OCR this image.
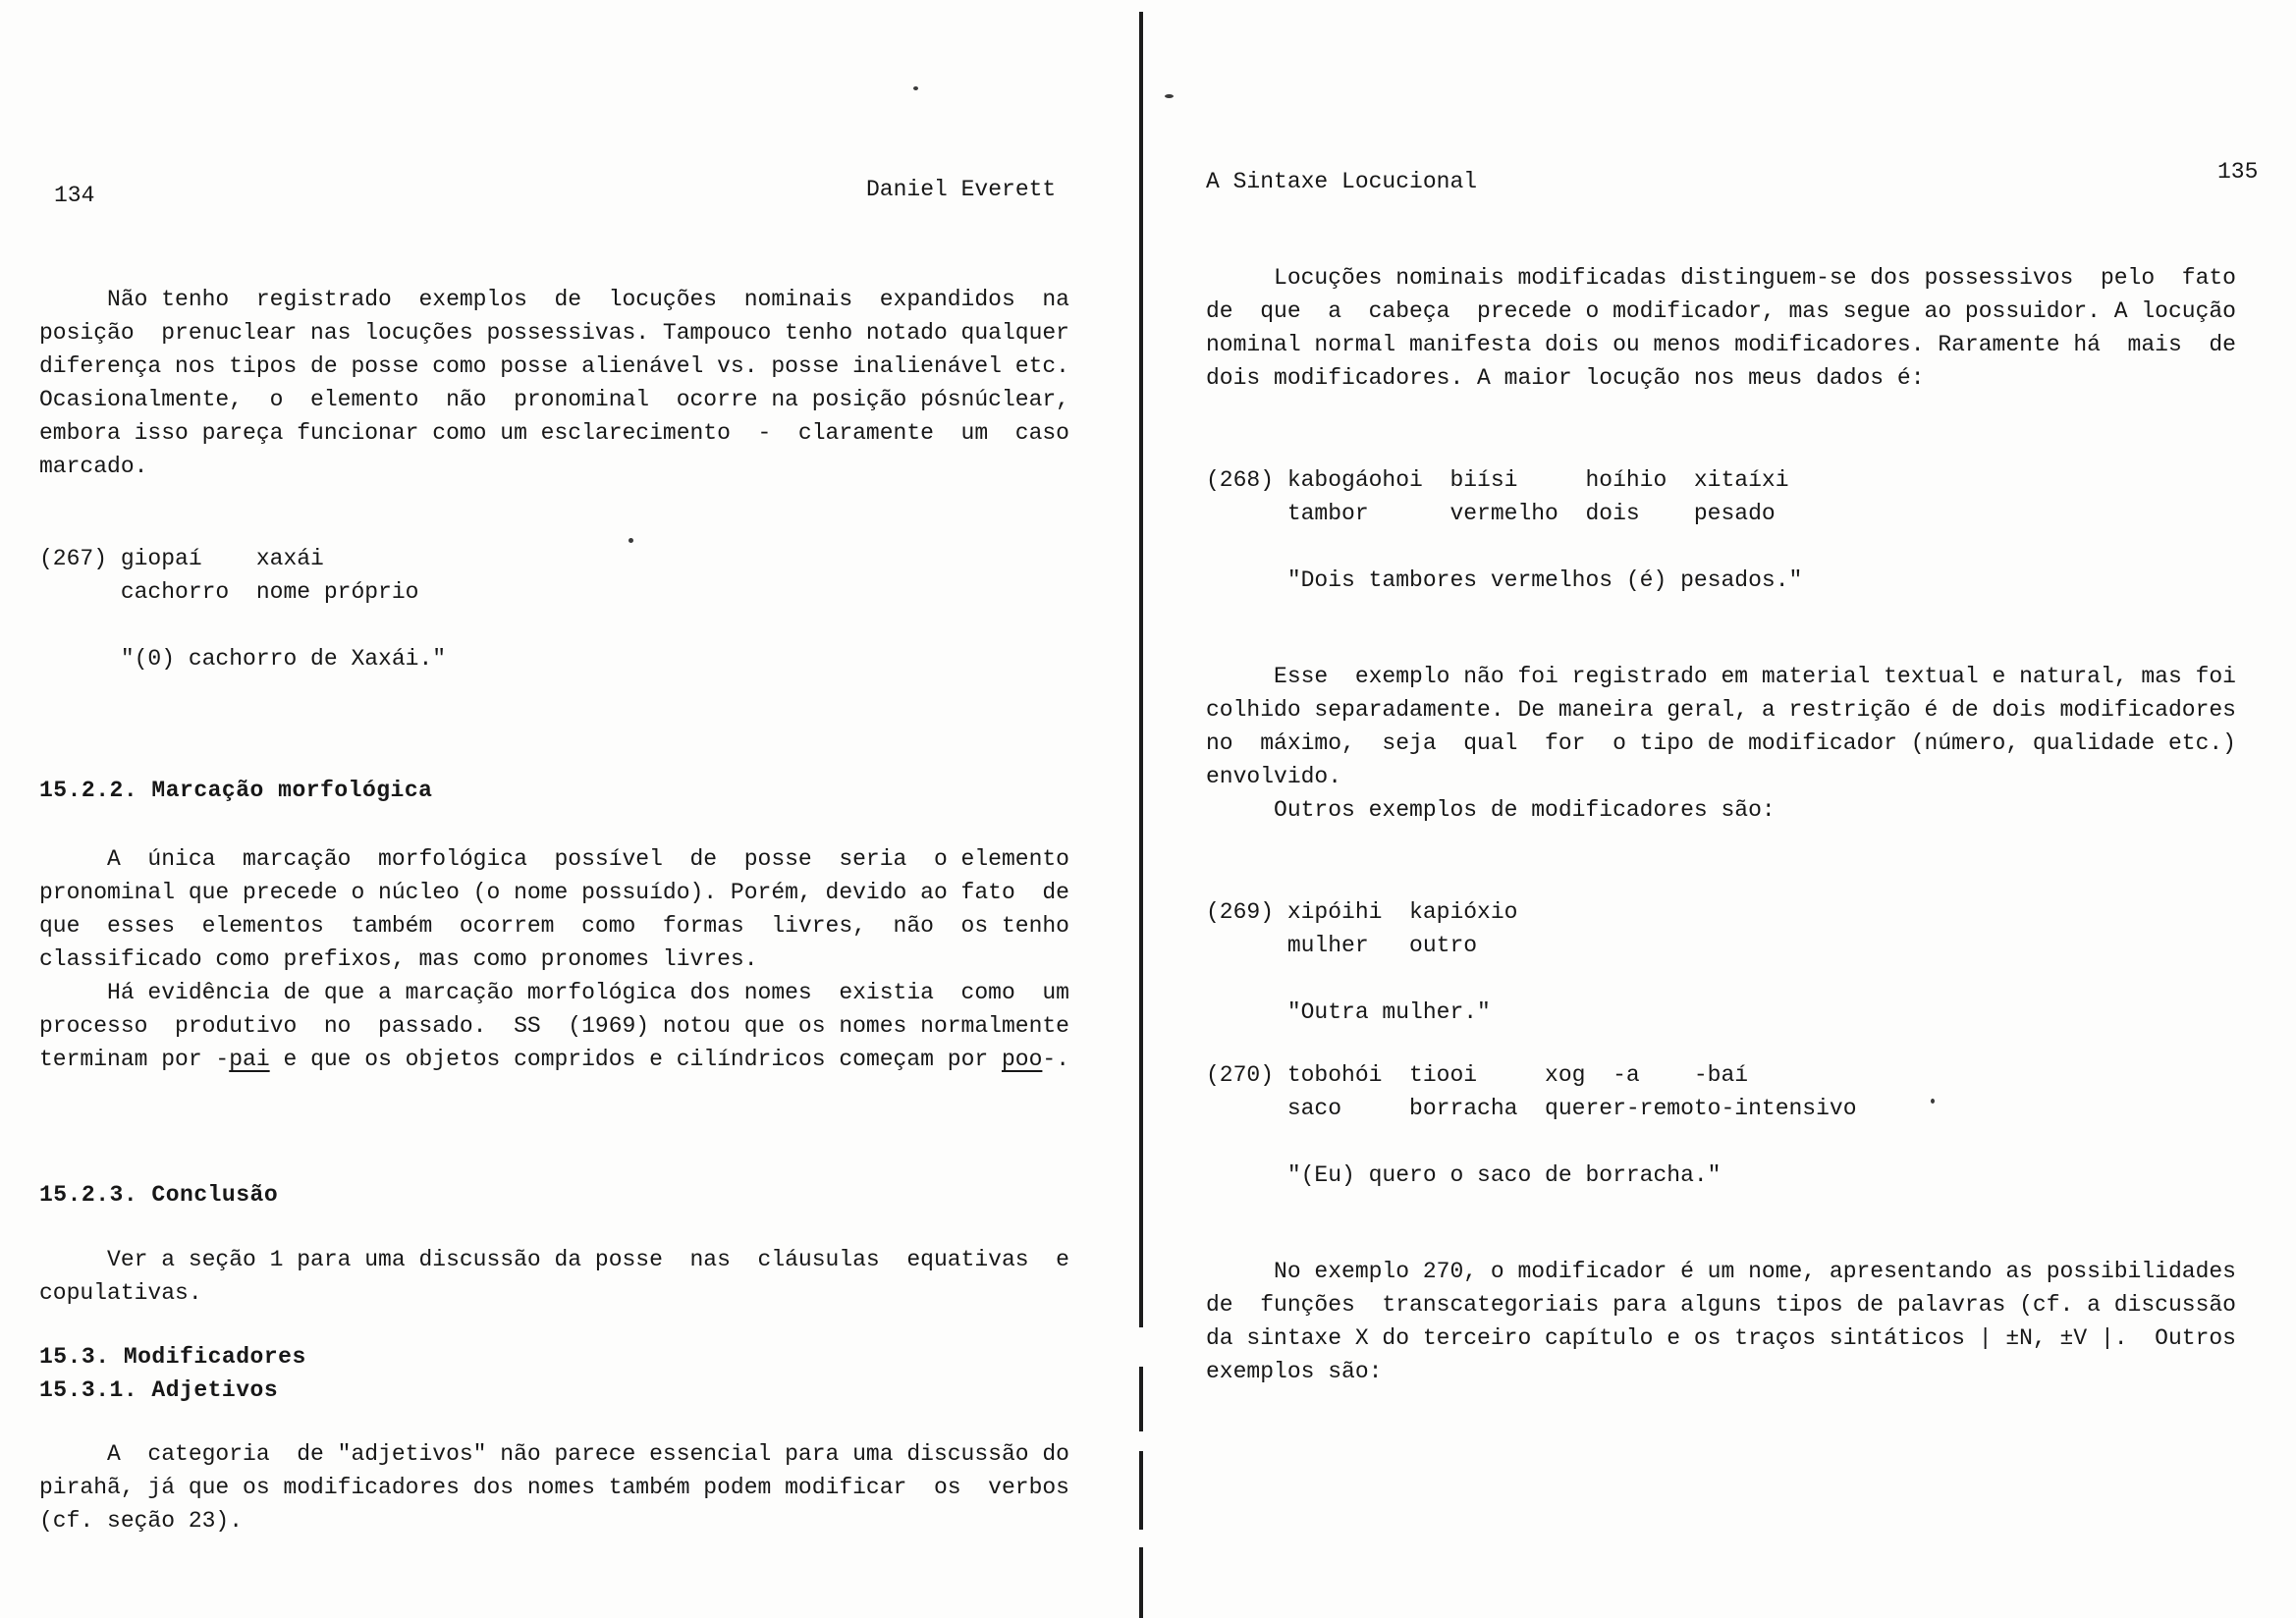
134	Daniel Everett
Não tenho  registrado  exemplos  de  locuções  nominais  expandidos  na
posição  prenuclear nas locuções possessivas. Tampouco tenho notado qualquer
diferença nos tipos de posse como posse alienável vs. posse inalienável etc.
Ocasionalmente,  o  elemento  não  pronominal  ocorre na posição pósnúclear,
embora isso pareça funcionar como um esclarecimento  -  claramente  um  caso
marcado.
(267) giopaí    xaxái
cachorro  nome próprio
"(0) cachorro de Xaxái."
15.2.2. Marcação morfológica
A  única  marcação  morfológica  possível  de  posse  seria  o elemento
pronominal que precede o núcleo (o nome possuído). Porém, devido ao fato  de
que  esses  elementos  também  ocorrem  como  formas  livres,  não  os tenho
classificado como prefixos, mas como pronomes livres.
Há evidência de que a marcação morfológica dos nomes  existia  como  um
processo  produtivo  no  passado.  SS  (1969) notou que os nomes normalmente
terminam por -pai e que os objetos compridos e cilíndricos começam por poo-.
15.2.3. Conclusão
Ver a seção 1 para uma discussão da posse  nas  cláusulas  equativas  e
copulativas.
15.3. Modificadores
15.3.1. Adjetivos
A  categoria  de "adjetivos" não parece essencial para uma discussão do
pirahã, já que os modificadores dos nomes também podem modificar  os  verbos
(cf. seção 23).
A Sintaxe Locucional	135
Locuções nominais modificadas distinguem-se dos possessivos  pelo  fato
de  que  a  cabeça  precede o modificador, mas segue ao possuidor. A locução
nominal normal manifesta dois ou menos modificadores. Raramente há  mais  de
dois modificadores. A maior locução nos meus dados é:
(268) kabogáohoi  biísi     hoíhio  xitaíxi
tambor      vermelho  dois    pesado
"Dois tambores vermelhos (é) pesados."
Esse  exemplo não foi registrado em material textual e natural, mas foi
colhido separadamente. De maneira geral, a restrição é de dois modificadores
no  máximo,  seja  qual  for  o tipo de modificador (número, qualidade etc.)
envolvido.
Outros exemplos de modificadores são:
(269) xipóihi  kapióxio
mulher   outro
"Outra mulher."
(270) tobohói  tiooi     xog  -a    -baí
saco     borracha  querer-remoto-intensivo
"(Eu) quero o saco de borracha."
No exemplo 270, o modificador é um nome, apresentando as possibilidades
de  funções  transcategoriais para alguns tipos de palavras (cf. a discussão
da sintaxe X do terceiro capítulo e os traços sintáticos | ±N, ±V |.  Outros
exemplos são:
